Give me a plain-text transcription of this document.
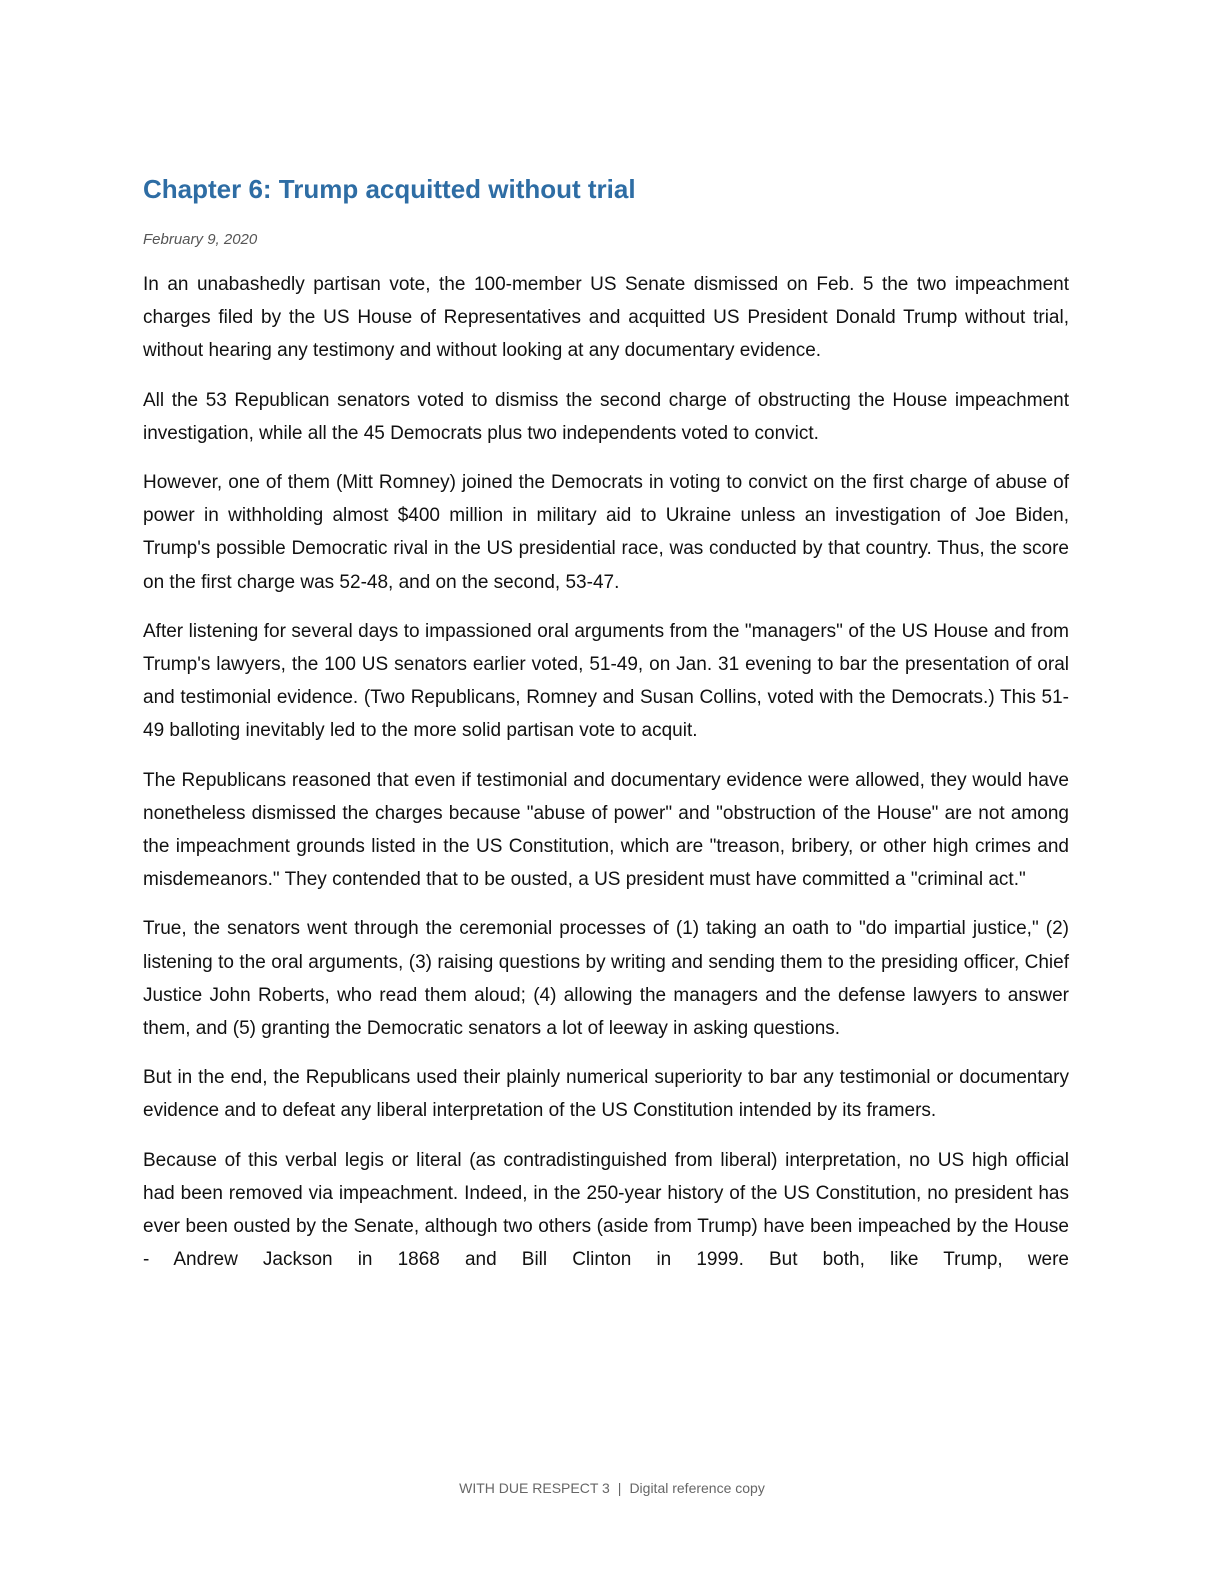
Chapter 6: Trump acquitted without trial
February 9, 2020

In an unabashedly partisan vote, the 100-member US Senate dismissed on Feb. 5 the two impeachment charges filed by the US House of Representatives and acquitted US President Donald Trump without trial, without hearing any testimony and without looking at any documentary evidence.

All the 53 Republican senators voted to dismiss the second charge of obstructing the House impeachment investigation, while all the 45 Democrats plus two independents voted to convict.

However, one of them (Mitt Romney) joined the Democrats in voting to convict on the first charge of abuse of power in withholding almost $400 million in military aid to Ukraine unless an investigation of Joe Biden, Trump's possible Democratic rival in the US presidential race, was conducted by that country. Thus, the score on the first charge was 52-48, and on the second, 53-47.

After listening for several days to impassioned oral arguments from the "managers" of the US House and from Trump's lawyers, the 100 US senators earlier voted, 51-49, on Jan. 31 evening to bar the presentation of oral and testimonial evidence. (Two Republicans, Romney and Susan Collins, voted with the Democrats.) This 51-49 balloting inevitably led to the more solid partisan vote to acquit.

The Republicans reasoned that even if testimonial and documentary evidence were allowed, they would have nonetheless dismissed the charges because "abuse of power" and "obstruction of the House" are not among the impeachment grounds listed in the US Constitution, which are "treason, bribery, or other high crimes and misdemeanors." They contended that to be ousted, a US president must have committed a "criminal act."

True, the senators went through the ceremonial processes of (1) taking an oath to "do impartial justice," (2) listening to the oral arguments, (3) raising questions by writing and sending them to the presiding officer, Chief Justice John Roberts, who read them aloud; (4) allowing the managers and the defense lawyers to answer them, and (5) granting the Democratic senators a lot of leeway in asking questions.

But in the end, the Republicans used their plainly numerical superiority to bar any testimonial or documentary evidence and to defeat any liberal interpretation of the US Constitution intended by its framers.

Because of this verbal legis or literal (as contradistinguished from liberal) interpretation, no US high official had been removed via impeachment. Indeed, in the 250-year history of the US Constitution, no president has ever been ousted by the Senate, although two others (aside from Trump) have been impeached by the House - Andrew Jackson in 1868 and Bill Clinton in 1999. But both, like Trump, were

WITH DUE RESPECT 3 | Digital reference copy
